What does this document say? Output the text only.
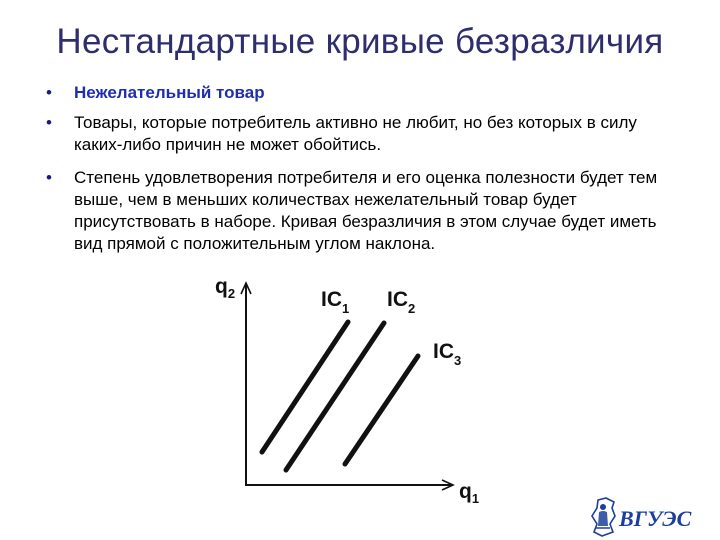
Нестандартные кривые безразличия
• Нежелательный товар
• Товары, которые потребитель активно не любит, но без которых в силу каких-либо причин не может обойтись.
• Степень удовлетворения потребителя и его оценка полезности будет тем выше, чем в меньших количествах нежелательный товар будет присутствовать в наборе. Кривая безразличия в этом случае будет иметь вид прямой с положительным углом наклона.
$q_2$
$q_1$
$IC_1$ $IC_2$
$IC_3$
ВГУЭС
